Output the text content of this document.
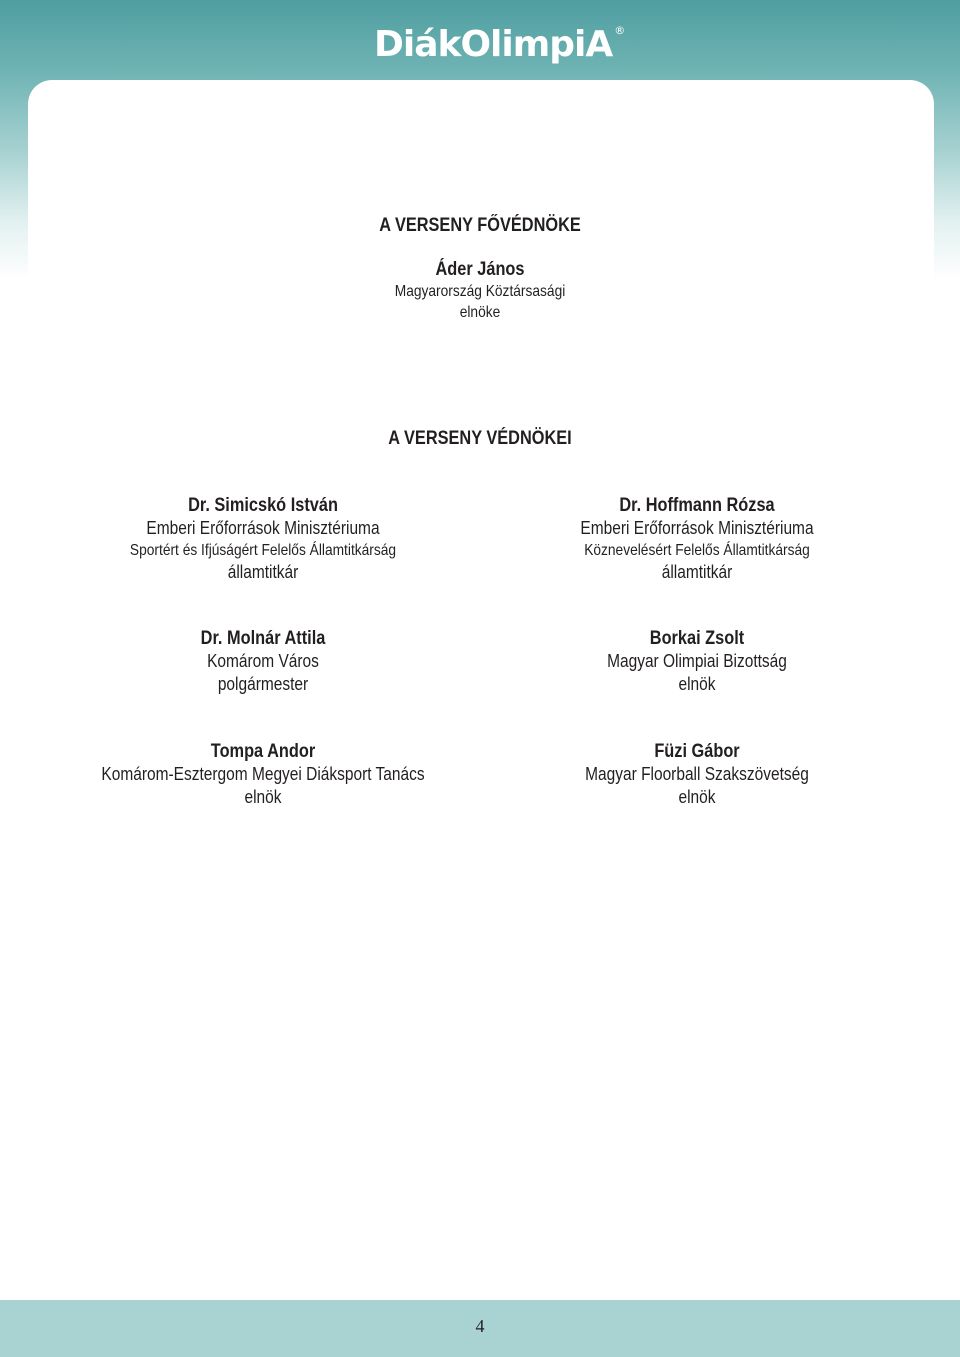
DiákOlimpiA ®
A VERSENY FŐVÉDNÖKE
Áder János
Magyarország Köztársasági
elnöke
A VERSENY VÉDNÖKEI
Dr. Simicskó István
Emberi Erőforrások Minisztériuma
Sportért és Ifjúságért Felelős Államtitkárság
államtitkár
Dr. Hoffmann Rózsa
Emberi Erőforrások Minisztériuma
Köznevelésért Felelős Államtitkárság
államtitkár
Dr. Molnár Attila
Komárom Város
polgármester
Borkai Zsolt
Magyar Olimpiai Bizottság
elnök
Tompa Andor
Komárom-Esztergom Megyei Diáksport Tanács
elnök
Füzi Gábor
Magyar Floorball Szakszövetség
elnök
4
